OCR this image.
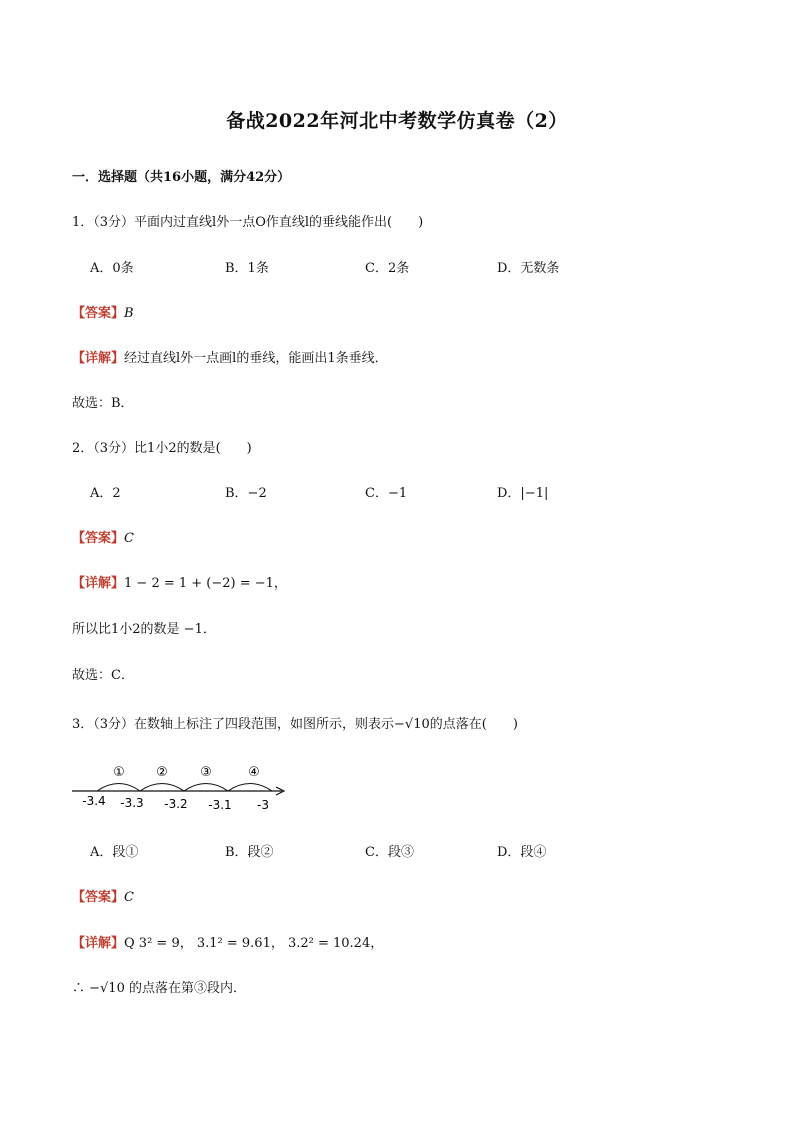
备战2022年河北中考数学仿真卷（2）
一．选择题（共16小题，满分42分）
1．（3分）平面内过直线l外一点O作直线l的垂线能作出(　　)
A．0条	B．1条	C．2条	D．无数条
【答案】B
【详解】经过直线l外一点画l的垂线，能画出1条垂线．
故选：B．
2．（3分）比1小2的数是(　　)
A．2	B．−2	C．−1	D．|−1|
【答案】C
【详解】1 − 2 = 1 + (−2) = −1，
所以比1小2的数是 −1．
故选：C．
3．（3分）在数轴上标注了四段范围，如图所示，则表示−√10的点落在(　　)
① ② ③	④
-3.4 -3.3 -3.2 -3.1 -3
A．段①	B．段②	C．段③	D．段④
【答案】C
【详解】Q 3² = 9， 3.1² = 9.61， 3.2² = 10.24，
∴ −√10 的点落在第③段内．
